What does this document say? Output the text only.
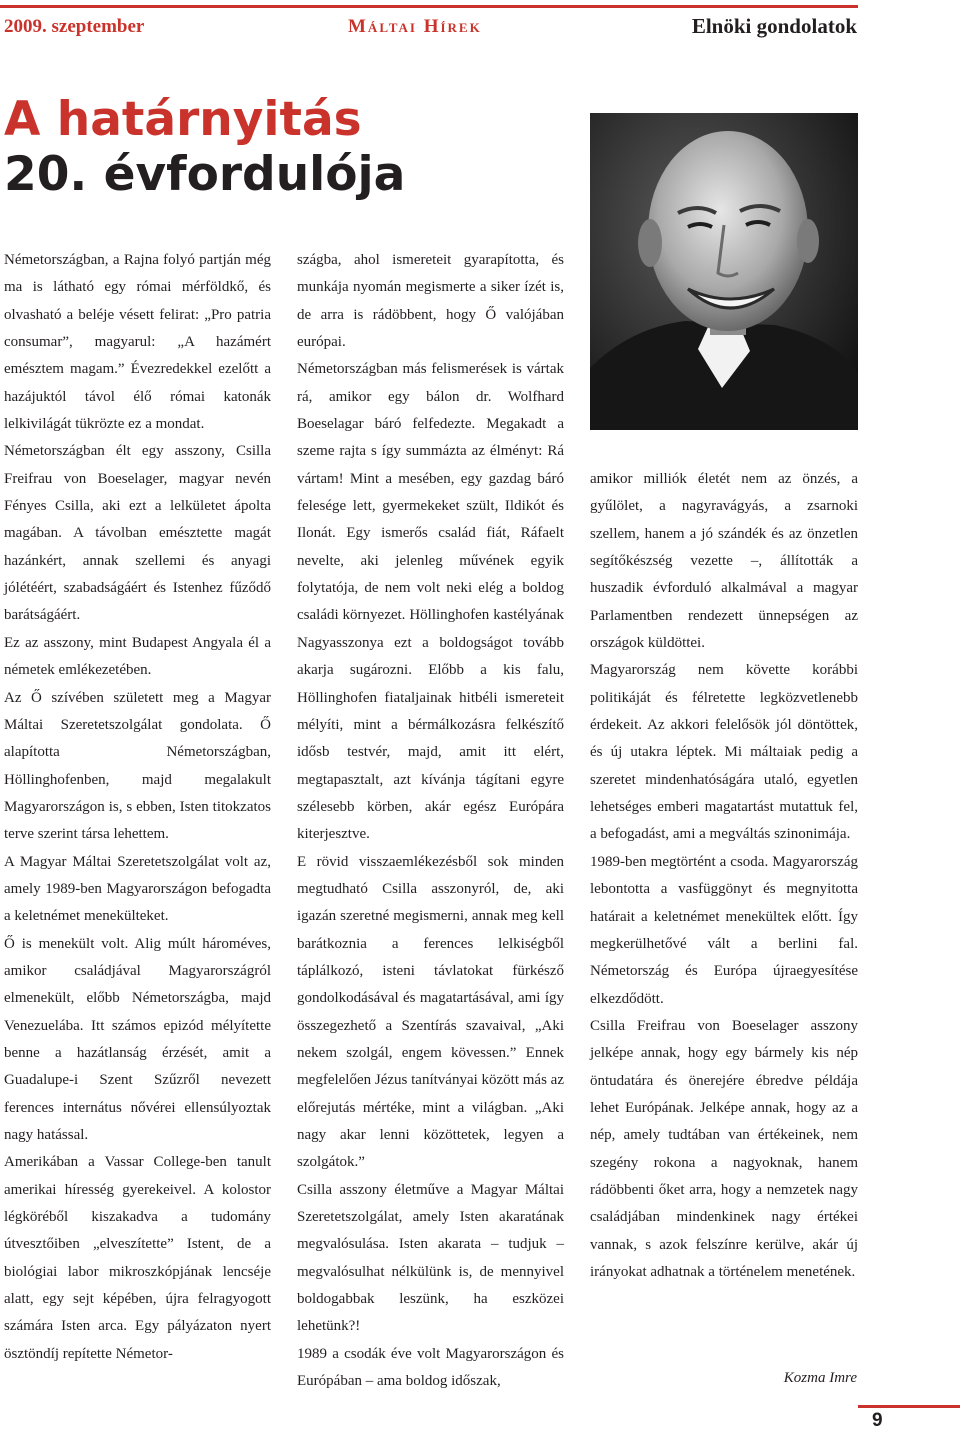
2009. szeptember	Máltai Hírek	Elnöki gondolatok
A határnyitás
20. évfordulója

Németországban, a Rajna folyó partján még ma is látható egy római mérföldkő, és olvasható a beléje vésett felirat: „Pro patria consumar”, magyarul: „A hazámért emésztem magam.” Évezredekkel ezelőtt a hazájuktól távol élő római katonák lelkivilágát tükrözte ez a mondat.

Németországban élt egy asszony, Csilla Freifrau von Boeselager, magyar nevén Fényes Csilla, aki ezt a lelkületet ápolta magában. A távolban emésztette magát hazánkért, annak szellemi és anyagi jólétéért, szabadságáért és Istenhez fűződő barátságáért.

Ez az asszony, mint Budapest Angyala él a németek emlékezetében.

Az Ő szívében született meg a Magyar Máltai Szeretetszolgálat gondolata. Ő alapította Németországban, Höllinghofenben, majd megalakult Magyarországon is, s ebben, Isten titokzatos terve szerint társa lehettem.

A Magyar Máltai Szeretetszolgálat volt az, amely 1989-ben Magyarországon befogadta a keletnémet menekülteket.

Ő is menekült volt. Alig múlt hároméves, amikor családjával Magyarországról elmenekült, előbb Németországba, majd Venezuelába. Itt számos epizód mélyítette benne a hazátlanság érzését, amit a Guadalupe-i Szent Szűzről nevezett ferences internátus nővérei ellensúlyoztak nagy hatással.

Amerikában a Vassar College-ben tanult amerikai híresség gyerekeivel. A kolostor légköréből kiszakadva a tudomány útvesztőiben „elveszítette” Istent, de a biológiai labor mikroszkópjának lencséje alatt, egy sejt képében, újra felragyogott számára Isten arca. Egy pályázaton nyert ösztöndíj repítette Németor-

szágba, ahol ismereteit gyarapította, és munkája nyomán megismerte a siker ízét is, de arra is rádöbbent, hogy Ő valójában európai.

Németországban más felismerések is vártak rá, amikor egy bálon dr. Wolfhard Boeselagar báró felfedezte. Megakadt a szeme rajta s így summázta az élményt: Rá vártam! Mint a mesében, egy gazdag báró felesége lett, gyermekeket szült, Ildikót és Ilonát. Egy ismerős család fiát, Ráfaelt nevelte, aki jelenleg művének egyik folytatója, de nem volt neki elég a boldog családi környezet. Höllinghofen kastélyának Nagyasszonya ezt a boldogságot tovább akarja sugározni. Előbb a kis falu, Höllinghofen fiataljainak hitbéli ismereteit mélyíti, mint a bérmálkozásra felkészítő idősb testvér, majd, amit itt elért, megtapasztalt, azt kívánja tágítani egyre szélesebb körben, akár egész Európára kiterjesztve.

E rövid visszaemlékezésből sok minden megtudható Csilla asszonyról, de, aki igazán szeretné megismerni, annak meg kell barátkoznia a ferences lelkiségből táplálkozó, isteni távlatokat fürkésző gondolkodásával és magatartásával, ami így összegezhető a Szentírás szavaival, „Aki nekem szolgál, engem kövessen.” Ennek megfelelően Jézus tanítványai között más az előrejutás mértéke, mint a világban. „Aki nagy akar lenni közöttetek, legyen a szolgátok.”

Csilla asszony életműve a Magyar Máltai Szeretetszolgálat, amely Isten akaratának megvalósulása. Isten akarata – tudjuk – megvalósulhat nélkülünk is, de mennyivel boldogabbak leszünk, ha eszközei lehetünk?!

1989 a csodák éve volt Magyarországon és Európában – ama boldog időszak,

amikor milliók életét nem az önzés, a gyűlölet, a nagyravágyás, a zsarnoki szellem, hanem a jó szándék és az önzetlen segítőkészség vezette –, állították a huszadik évforduló alkalmával a magyar Parlamentben rendezett ünnepségen az országok küldöttei.

Magyarország nem követte korábbi politikáját és félretette legközvetlenebb érdekeit. Az akkori felelősök jól döntöttek, és új utakra léptek. Mi máltaiak pedig a szeretet mindenhatóságára utaló, egyetlen lehetséges emberi magatartást mutattuk fel, a befogadást, ami a megváltás szinonimája.

1989-ben megtörtént a csoda. Magyarország lebontotta a vasfüggönyt és megnyitotta határait a keletnémet menekültek előtt. Így megkerülhetővé vált a berlini fal. Németország és Európa újraegyesítése elkezdődött.

Csilla Freifrau von Boeselager asszony jelképe annak, hogy egy bármely kis nép öntudatára és önerejére ébredve példája lehet Európának. Jelképe annak, hogy az a nép, amely tudtában van értékeinek, nem szegény rokona a nagyoknak, hanem rádöbbenti őket arra, hogy a nemzetek nagy családjában mindenkinek nagy értékei vannak, s azok felszínre kerülve, akár új irányokat adhatnak a történelem menetének.

Kozma Imre
9
